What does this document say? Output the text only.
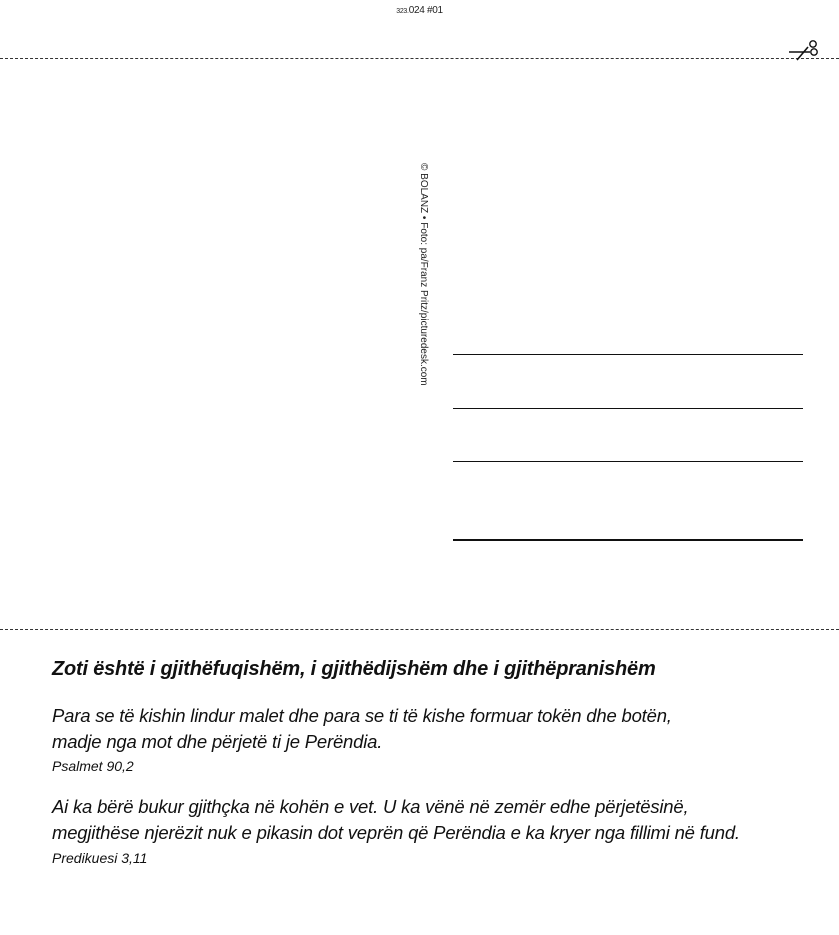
323.024 #01
© BOLANZ • Foto: pa/Franz Pritz/picturedesk.com
Zoti është i gjithëfuqishëm, i gjithëdijshëm dhe i gjithëpranishëm
Para se të kishin lindur malet dhe para se ti të kishe formuar tokën dhe botën,
madje nga mot dhe përjetë ti je Perëndia.
Psalmet 90,2
Ai ka bërë bukur gjithçka në kohën e vet. U ka vënë në zemër edhe përjetësinë,
megjithëse njerëzit nuk e pikasin dot veprën që Perëndia e ka kryer nga fillimi në fund.
Predikuesi 3,11
